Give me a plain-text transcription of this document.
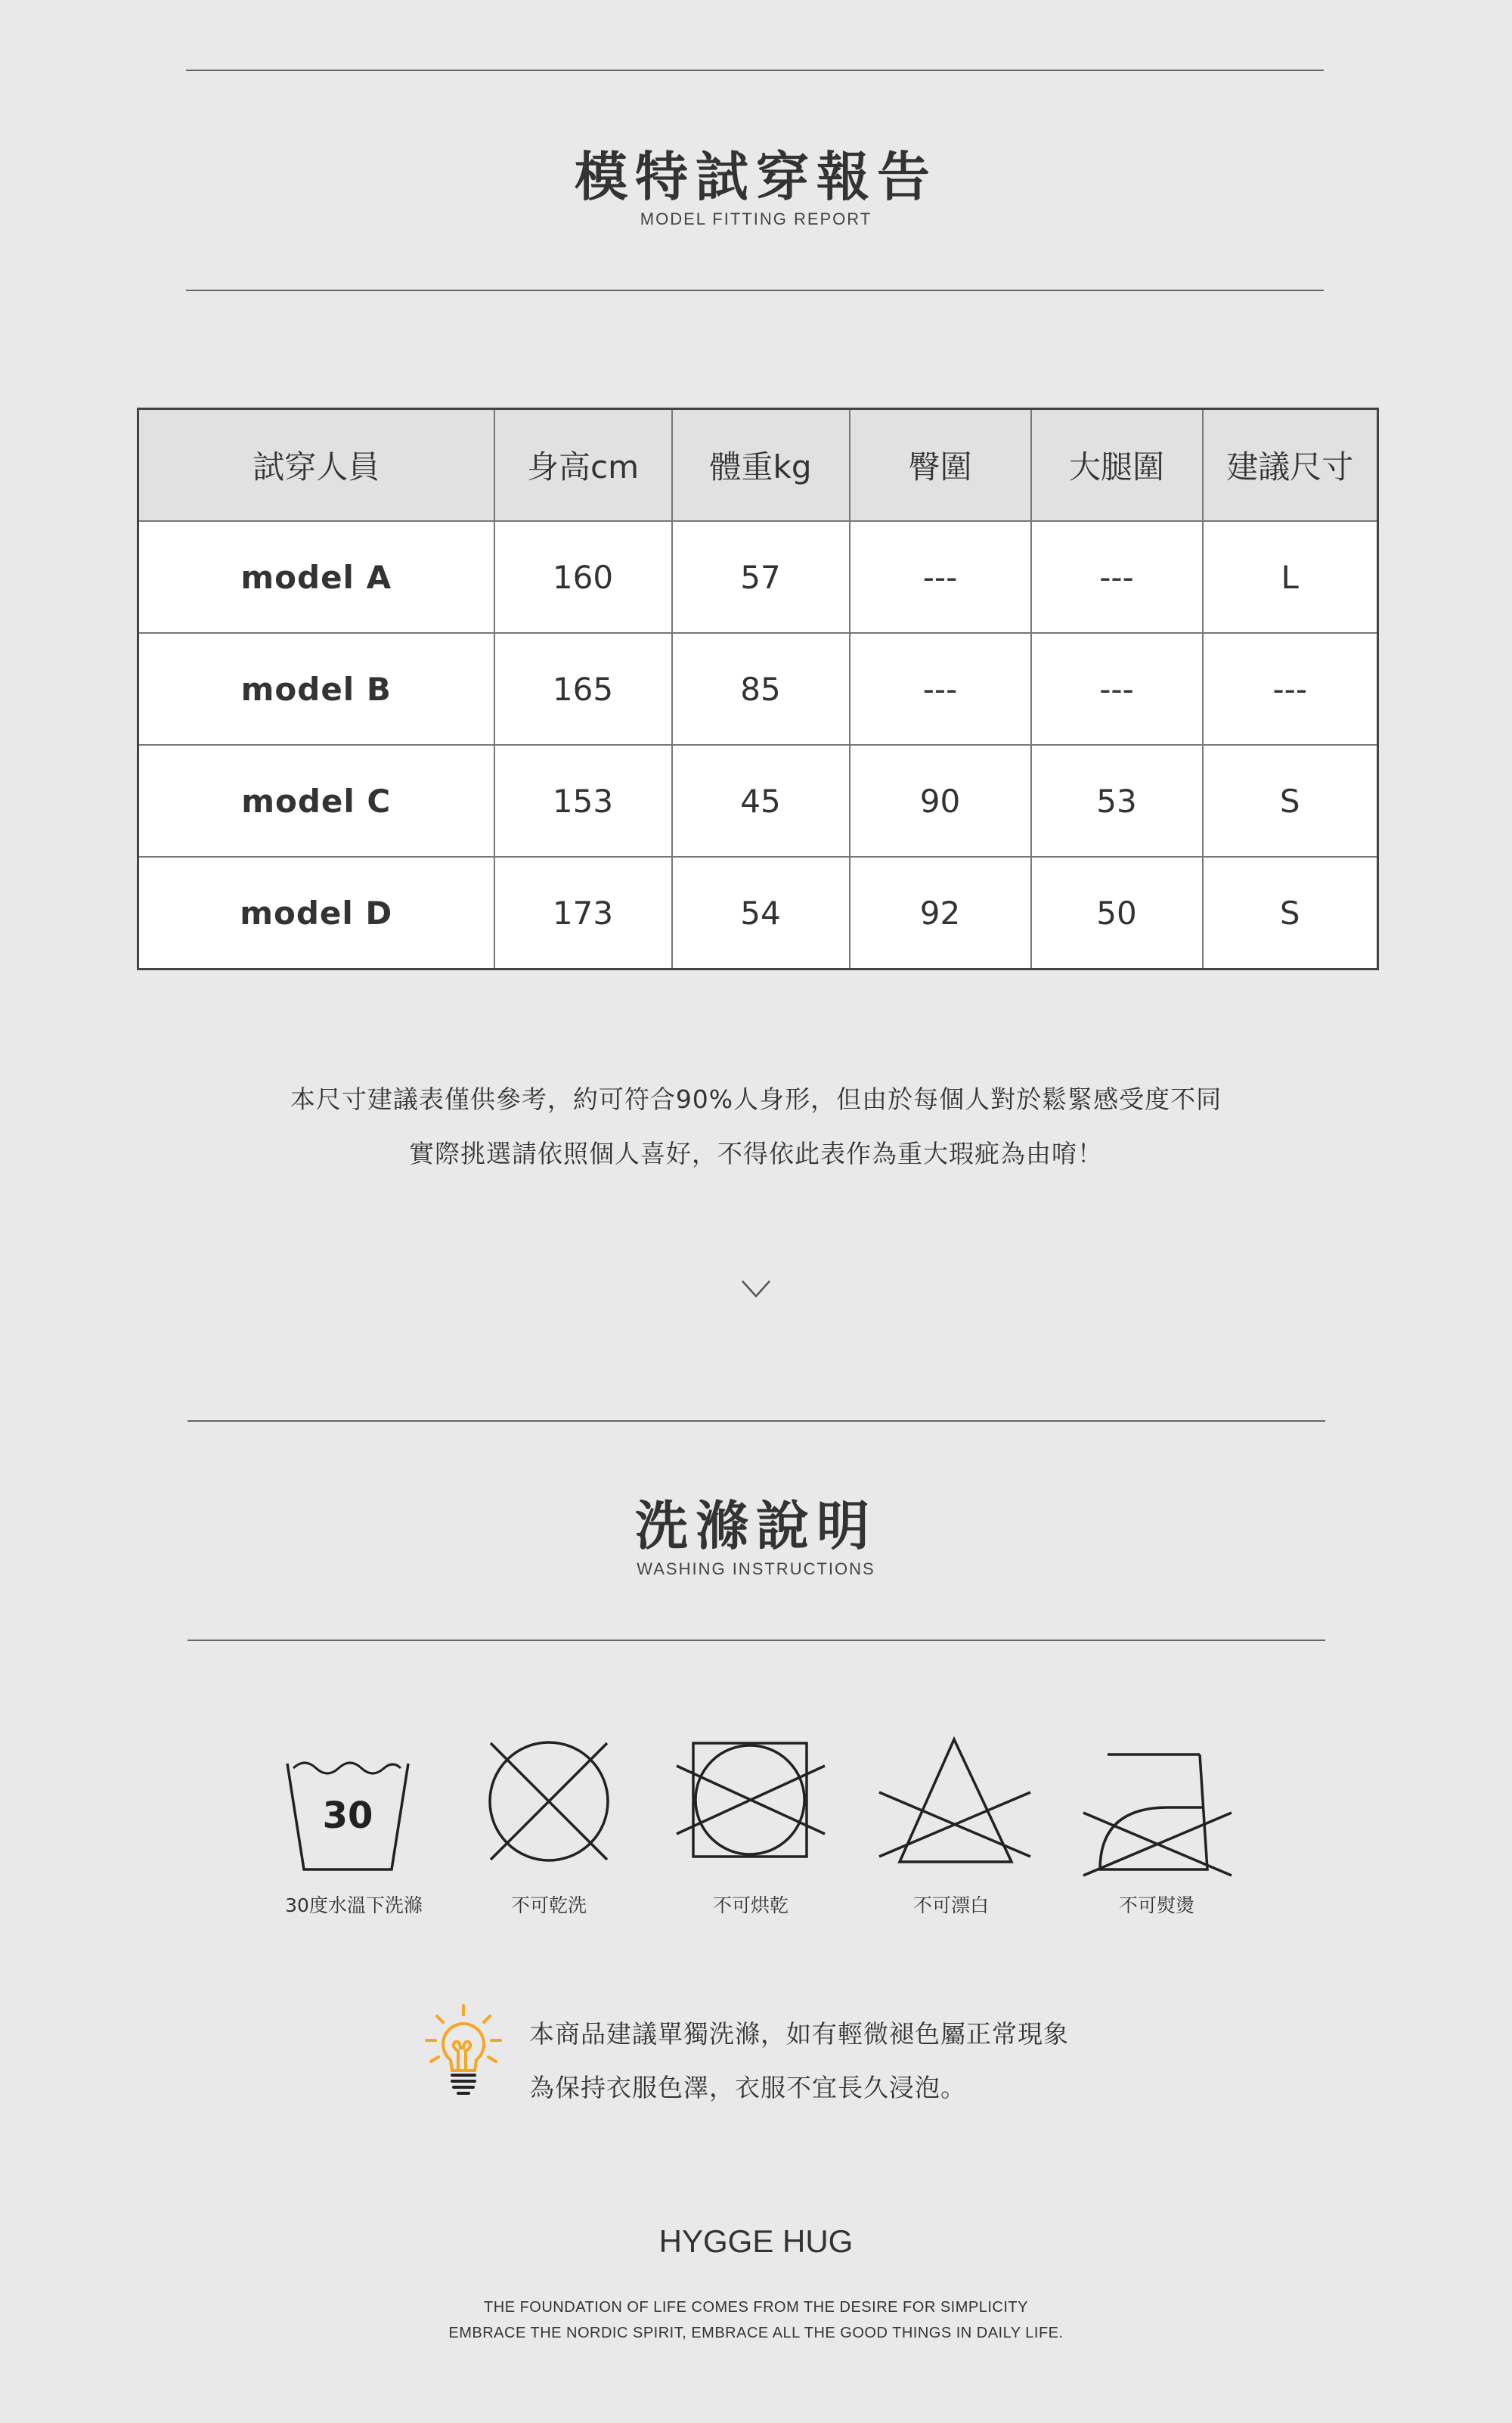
模特試穿報告
MODEL FITTING REPORT
試穿人員	身高cm	體重kg	臀圍	大腿圍	建議尺寸
model A	160	57	---	---	L
model B	165	85	---	---	---
model C	153	45	90	53	S
model D	173	54	92	50	S
本尺寸建議表僅供參考，約可符合90%人身形，但由於每個人對於鬆緊感受度不同
實際挑選請依照個人喜好，不得依此表作為重大瑕疵為由唷！
洗滌說明
WASHING INSTRUCTIONS
30
30度水溫下洗滌	不可乾洗	不可烘乾	不可漂白	不可熨燙
本商品建議單獨洗滌，如有輕微褪色屬正常現象
為保持衣服色澤，衣服不宜長久浸泡。
HYGGE HUG
THE FOUNDATION OF LIFE COMES FROM THE DESIRE FOR SIMPLICITY
EMBRACE THE NORDIC SPIRIT, EMBRACE ALL THE GOOD THINGS IN DAILY LIFE.
